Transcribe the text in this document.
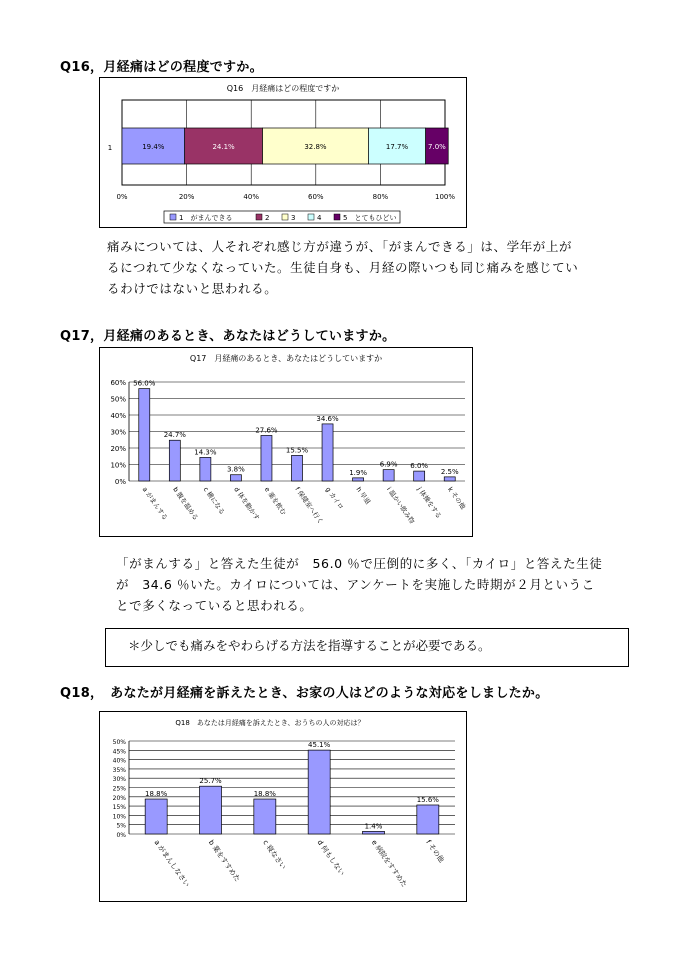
Q16，月経痛はどの程度ですか。
Q16　月経痛はどの程度ですか
0%	20%	40%	60%	80%	100%
1	19.4%	24.1%	32.8%	17.7%	7.0%
1　がまんできる	2	3	4	5　とてもひどい
痛みについては、人それぞれ感じ方が違うが、「がまんできる」は、学年が上が
るにつれて少なくなっていた。生徒自身も、月経の際いつも同じ痛みを感じてい
るわけではないと思われる。
Q17，月経痛のあるとき、あなたはどうしていますか。
Q17　月経痛のあるとき、あなたはどうしていますか
0%
10%
20%
30%
40%
50%
60% 56.0%
a がまんする
24.7%
b 腹を温める
14.3%
c 横になる
3.8%
d 体を動かす
27.6%
e 薬を飲む
15.5%
f 保健室へ行く
34.6%
g カイロ
1.9%
h 早退
6.9%
i 温かい飲み物
6.0%
j 体操をする
2.5%
k その他
「がまんする」と答えた生徒が　56.0 ％で圧倒的に多く、「カイロ」と答えた生徒
が　34.6 ％いた。カイロについては、アンケートを実施した時期が２月というこ
とで多くなっていると思われる。
＊少しでも痛みをやわらげる方法を指導することが必要である。
Q18，　あなたが月経痛を訴えたとき、お家の人はどのような対応をしましたか。
Q18　あなたは月経痛を訴えたとき、おうちの人の対応は？
0%
5%
10%
15%
20%
25%
30%
35%
40%
45%
50%
18.8%
a がまんしなさい
25.7%
b 薬をすすめた
18.8%
c 寝なさい
45.1%
d 何もしない
1.4%
e 病院をすすめた
15.6%
f その他
